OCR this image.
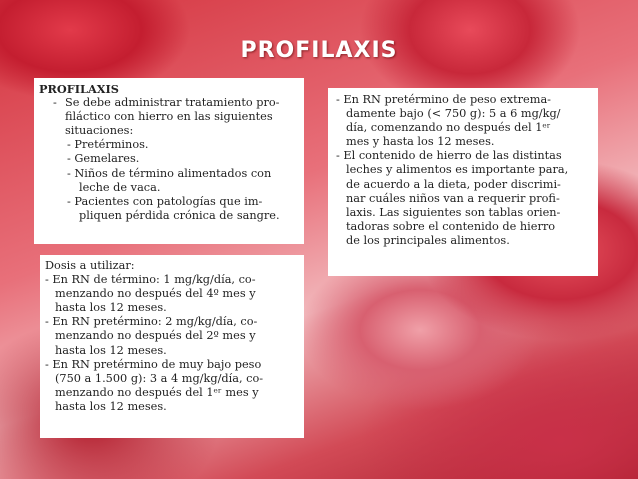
PROFILAXIS
PROFILAXIS
- Se debe administrar tratamiento pro-
filáctico con hierro en las siguientes
situaciones:
- Pretérminos.
- Gemelares.
- Niños de término alimentados con
leche de vaca.
- Pacientes con patologías que im-
pliquen pérdida crónica de sangre.
- En RN pretérmino de peso extrema-
damente bajo (< 750 g): 5 a 6 mg/kg/
día, comenzando no después del 1ᵉʳ
mes y hasta los 12 meses.
- El contenido de hierro de las distintas
leches y alimentos es importante para,
de acuerdo a la dieta, poder discrimi-
nar cuáles niños van a requerir profi-
laxis. Las siguientes son tablas orien-
tadoras sobre el contenido de hierro
de los principales alimentos.
Dosis a utilizar:
- En RN de término: 1 mg/kg/día, co-
menzando no después del 4º mes y
hasta los 12 meses.
- En RN pretérmino: 2 mg/kg/día, co-
menzando no después del 2º mes y
hasta los 12 meses.
- En RN pretérmino de muy bajo peso
(750 a 1.500 g): 3 a 4 mg/kg/día, co-
menzando no después del 1ᵉʳ mes y
hasta los 12 meses.
